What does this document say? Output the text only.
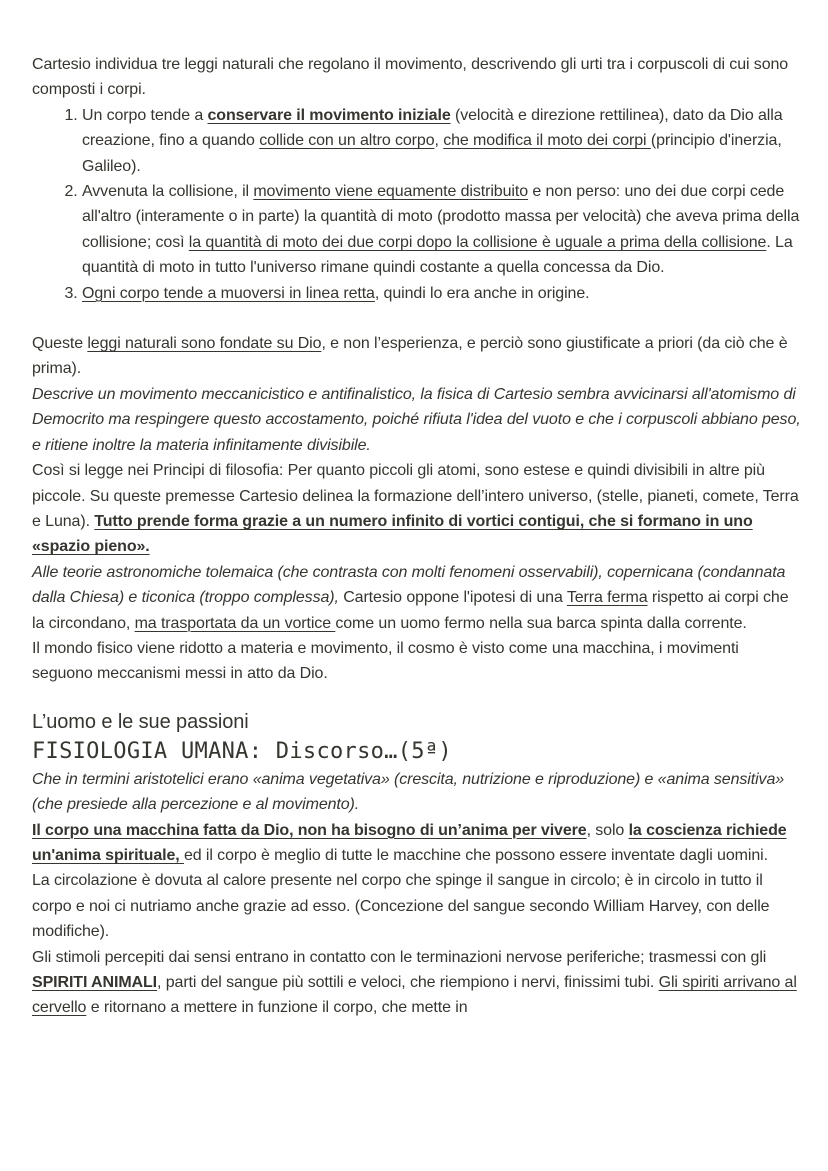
Cartesio individua tre leggi naturali che regolano il movimento, descrivendo gli urti tra i corpuscoli di cui sono composti i corpi.

1. Un corpo tende a conservare il movimento iniziale (velocità e direzione rettilinea), dato da Dio alla creazione, fino a quando collide con un altro corpo, che modifica il moto dei corpi (principio d'inerzia, Galileo).
2. Avvenuta la collisione, il movimento viene equamente distribuito e non perso: uno dei due corpi cede all'altro (interamente o in parte) la quantità di moto (prodotto massa per velocità) che aveva prima della collisione; così la quantità di moto dei due corpi dopo la collisione è uguale a prima della collisione. La quantità di moto in tutto l'universo rimane quindi costante a quella concessa da Dio.
3. Ogni corpo tende a muoversi in linea retta, quindi lo era anche in origine.

Queste leggi naturali sono fondate su Dio, e non l’esperienza, e perciò sono giustificate a priori (da ciò che è prima).

Descrive un movimento meccanicistico e antifinalistico, la fisica di Cartesio sembra avvicinarsi all'atomismo di Democrito ma respingere questo accostamento, poiché rifiuta l'idea del vuoto e che i corpuscoli abbiano peso, e ritiene inoltre la materia infinitamente divisibile.

Così si legge nei Principi di filosofia: Per quanto piccoli gli atomi, sono estese e quindi divisibili in altre più piccole. Su queste premesse Cartesio delinea la formazione dell’intero universo, (stelle, pianeti, comete, Terra e Luna). Tutto prende forma grazie a un numero infinito di vortici contigui, che si formano in uno «spazio pieno».

Alle teorie astronomiche tolemaica (che contrasta con molti fenomeni osservabili), copernicana (condannata dalla Chiesa) e ticonica (troppo complessa), Cartesio oppone l'ipotesi di una Terra ferma rispetto ai corpi che la circondano, ma trasportata da un vortice come un uomo fermo nella sua barca spinta dalla corrente.

Il mondo fisico viene ridotto a materia e movimento, il cosmo è visto come una macchina, i movimenti seguono meccanismi messi in atto da Dio.

L’uomo e le sue passioni

FISIOLOGIA UMANA: Discorso…(5ª)

Che in termini aristotelici erano «anima vegetativa» (crescita, nutrizione e riproduzione) e «anima sensitiva» (che presiede alla percezione e al movimento).

Il corpo una macchina fatta da Dio, non ha bisogno di un’anima per vivere, solo la coscienza richiede un'anima spirituale, ed il corpo è meglio di tutte le macchine che possono essere inventate dagli uomini.

La circolazione è dovuta al calore presente nel corpo che spinge il sangue in circolo; è in circolo in tutto il corpo e noi ci nutriamo anche grazie ad esso. (Concezione del sangue secondo William Harvey, con delle modifiche).

Gli stimoli percepiti dai sensi entrano in contatto con le terminazioni nervose periferiche; trasmessi con gli SPIRITI ANIMALI, parti del sangue più sottili e veloci, che riempiono i nervi, finissimi tubi. Gli spiriti arrivano al cervello e ritornano a mettere in funzione il corpo, che mette in
